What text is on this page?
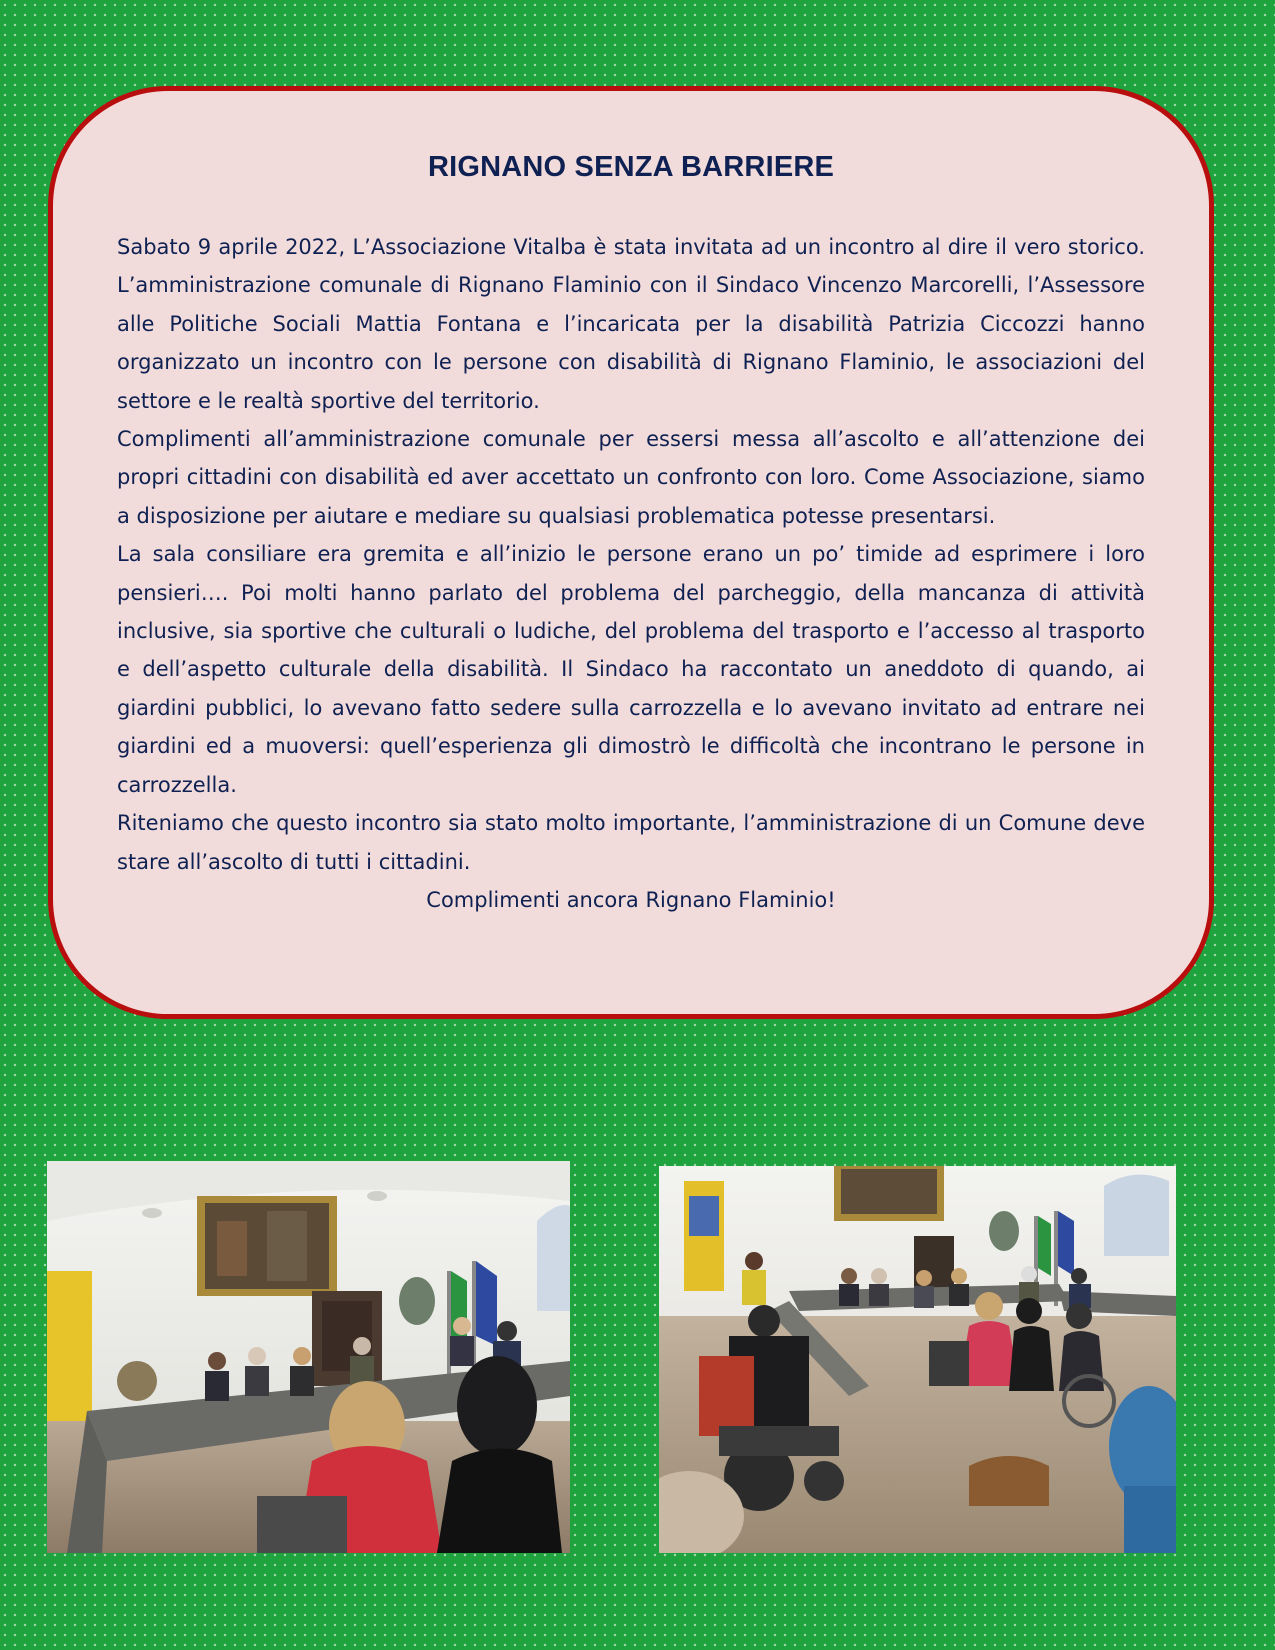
RIGNANO SENZA BARRIERE

Sabato 9 aprile 2022, L’Associazione Vitalba è stata invitata ad un incontro al dire il vero storico. L’amministrazione comunale di Rignano Flaminio con il Sindaco Vincenzo Marcorelli, l’Assessore alle Politiche Sociali Mattia Fontana e l’incaricata per la disabilità Patrizia Ciccozzi hanno organizzato un incontro con le persone con disabilità di Rignano Flaminio, le associazioni del settore e le realtà sportive del territorio.

Complimenti all’amministrazione comunale per essersi messa all’ascolto e all’attenzione dei propri cittadini con disabilità ed aver accettato un confronto con loro. Come Associazione, siamo a disposizione per aiutare e mediare su qualsiasi problematica potesse presentarsi.

La sala consiliare era gremita e all’inizio le persone erano un po’ timide ad esprimere i loro pensieri…. Poi molti hanno parlato del problema del parcheggio, della mancanza di attività inclusive, sia sportive che culturali o ludiche, del problema del trasporto e l’accesso al trasporto e dell’aspetto culturale della disabilità. Il Sindaco ha raccontato un aneddoto di quando, ai giardini pubblici, lo avevano fatto sedere sulla carrozzella e lo avevano invitato ad entrare nei giardini ed a muoversi: quell’esperienza gli dimostrò le difficoltà che incontrano le persone in carrozzella.

Riteniamo che questo incontro sia stato molto importante, l’amministrazione di un Comune deve stare all’ascolto di tutti i cittadini.

Complimenti ancora Rignano Flaminio!
